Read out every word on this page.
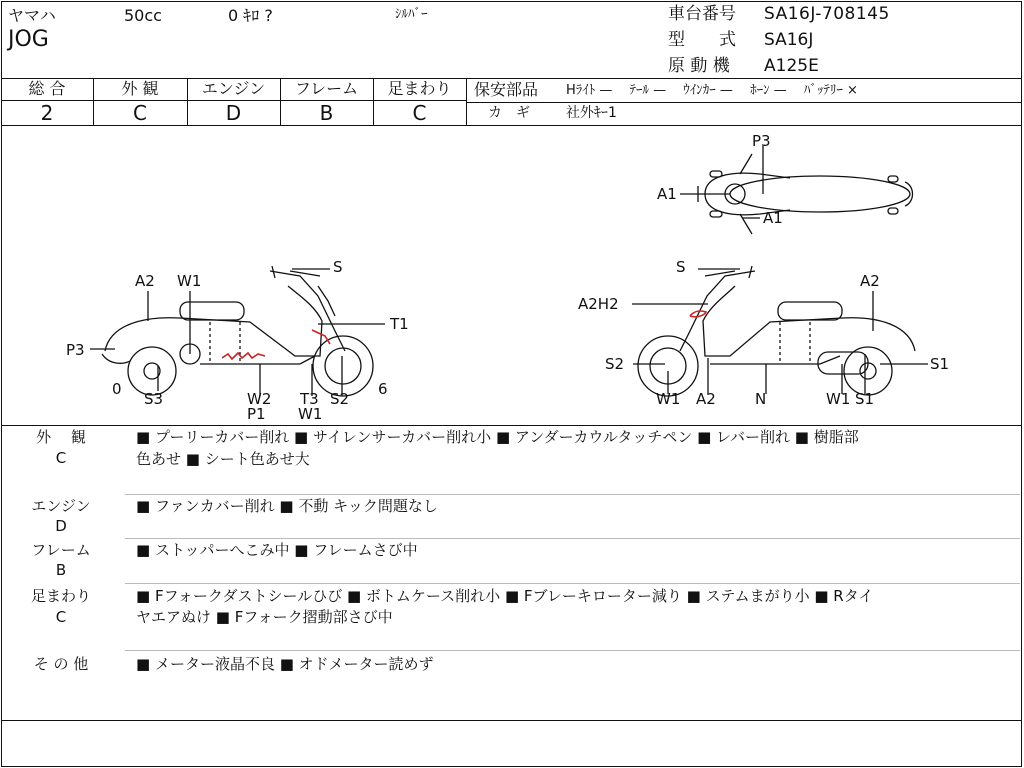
ヤマハ	50cc	0 ｷﾛ ?	ｼﾙﾊﾞｰ
JOG
車台番号 SA16J-708145
型　　式 SA16J
原 動 機 A125E
総 合	外 観	エンジン	フレーム	足まわり
2	C	D	B	C
保安部品 Hﾗｲﾄ —　 ﾃｰﾙ —　 ｳｲﾝｶｰ —　 ﾎｰﾝ —　 ﾊﾞｯﾃﾘｰ ×
カ　ギ	社外ｷｰ1
P3
A1
A1
A2 W1
S
T1
P3
0
S3	W2
P1
T3
W1
S2
6
S
A2
A2H2
S2	S1
W1 A2	N	W1 S1
外　 観
C
■ プーリーカバー削れ ■ サイレンサーカバー削れ小 ■ アンダーカウルタッチペン ■ レバー削れ ■ 樹脂部
色あせ ■ シート色あせ大
エンジン
D
■ ファンカバー削れ ■ 不動 キック問題なし
フレーム
B
■ ストッパーへこみ中 ■ フレームさび中
足まわり
C
■ Fフォークダストシールひび ■ ボトムケース削れ小 ■ Fブレーキローター減り ■ ステムまがり小 ■ Rタイ
ヤエアぬけ ■ Fフォーク摺動部さび中
そ の 他	■ メーター液晶不良 ■ オドメーター読めず
